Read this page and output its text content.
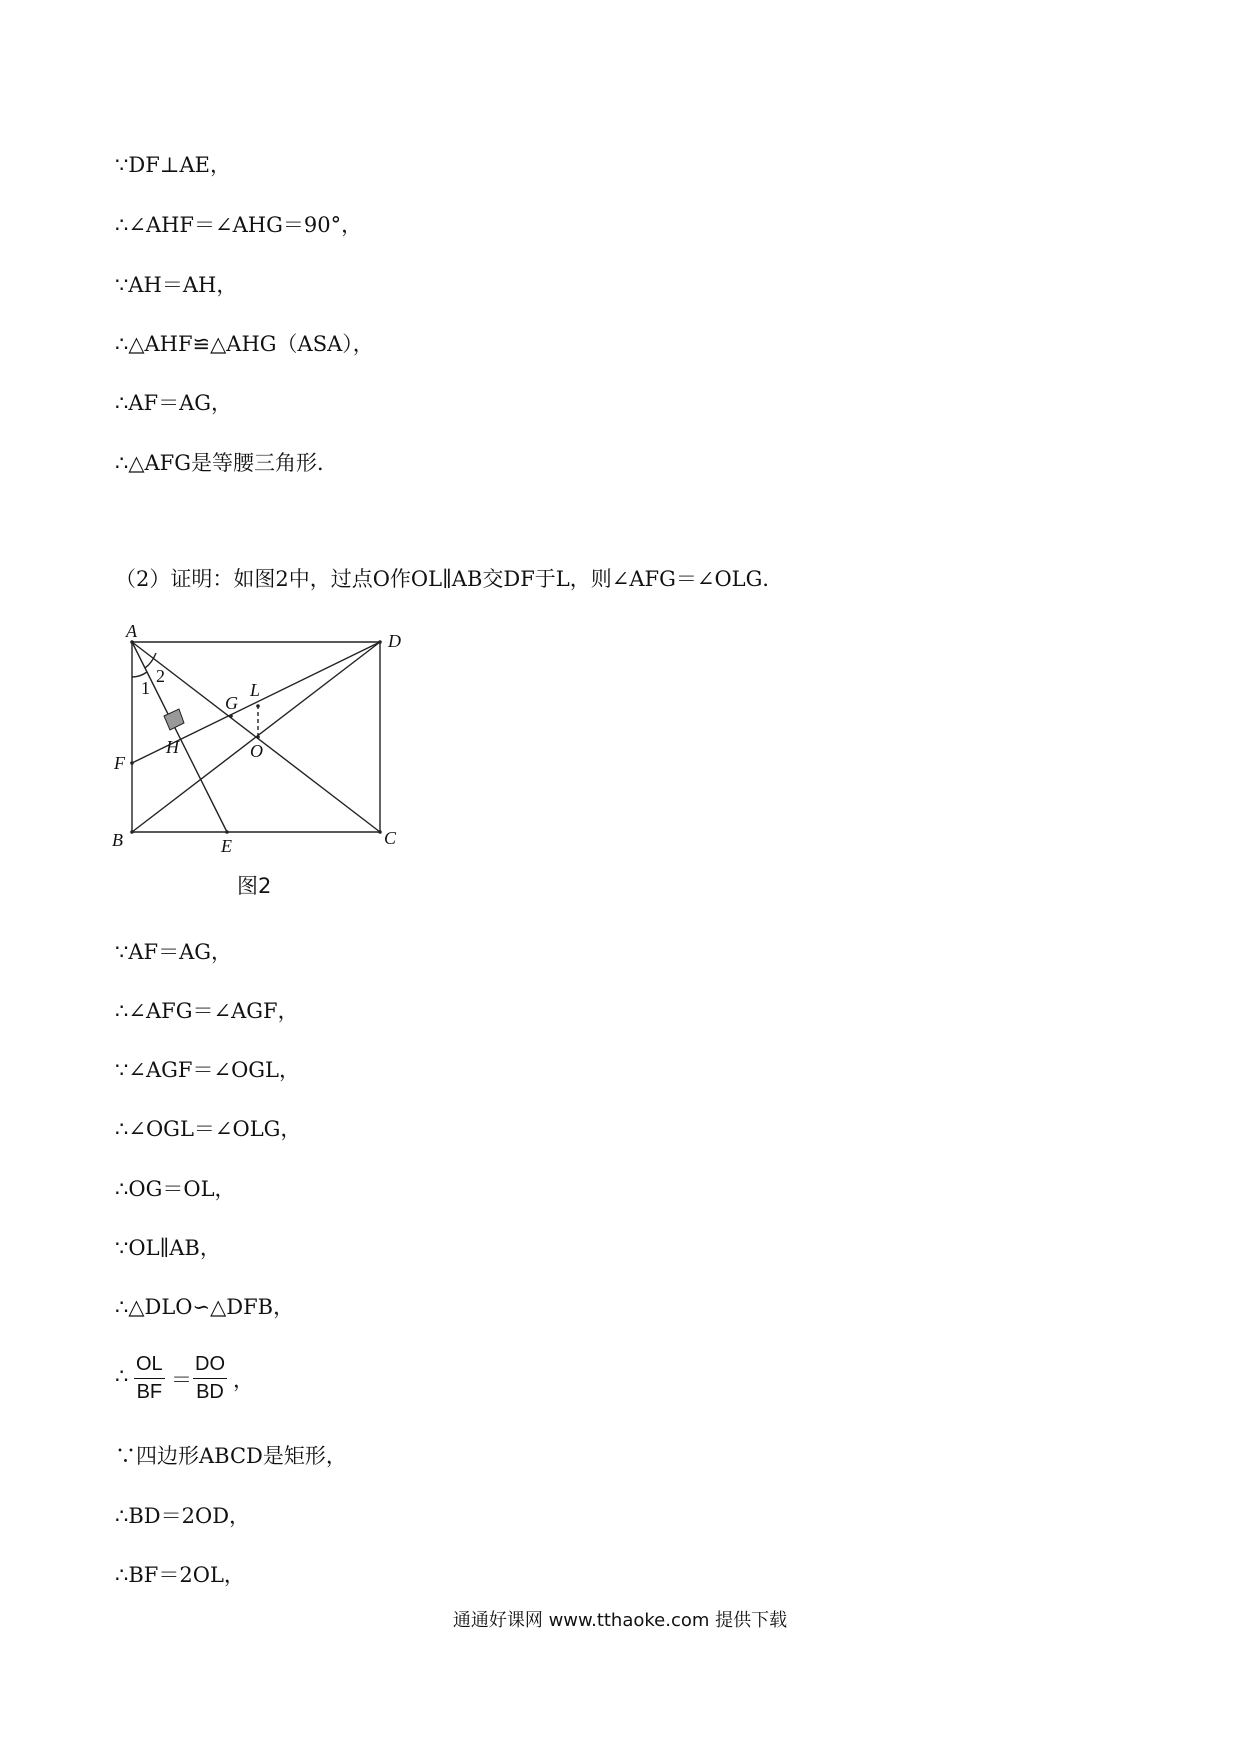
∵DF⊥AE，
∴∠AHF＝∠AHG＝90°，
∵AH＝AH，
∴△AHF≌△AHG（ASA），
∴AF＝AG，
∴△AFG是等腰三角形．
（2）证明：如图2中，过点O作OL∥AB交DF于L，则∠AFG＝∠OLG．
A	D
B	C
E
F
G
H
L
O
1
2
图2
∵AF＝AG，
∴∠AFG＝∠AGF，
∵∠AGF＝∠OGL，
∴∠OGL＝∠OLG，
∴OG＝OL，
∵OL∥AB，
∴△DLO∽△DFB，
∴ $\frac{OL}{BF} = \frac{DO}{BD}$ ，
∵四边形ABCD是矩形，
∴BD＝2OD，
∴BF＝2OL，
通通好课网 www.tthaoke.com 提供下载
